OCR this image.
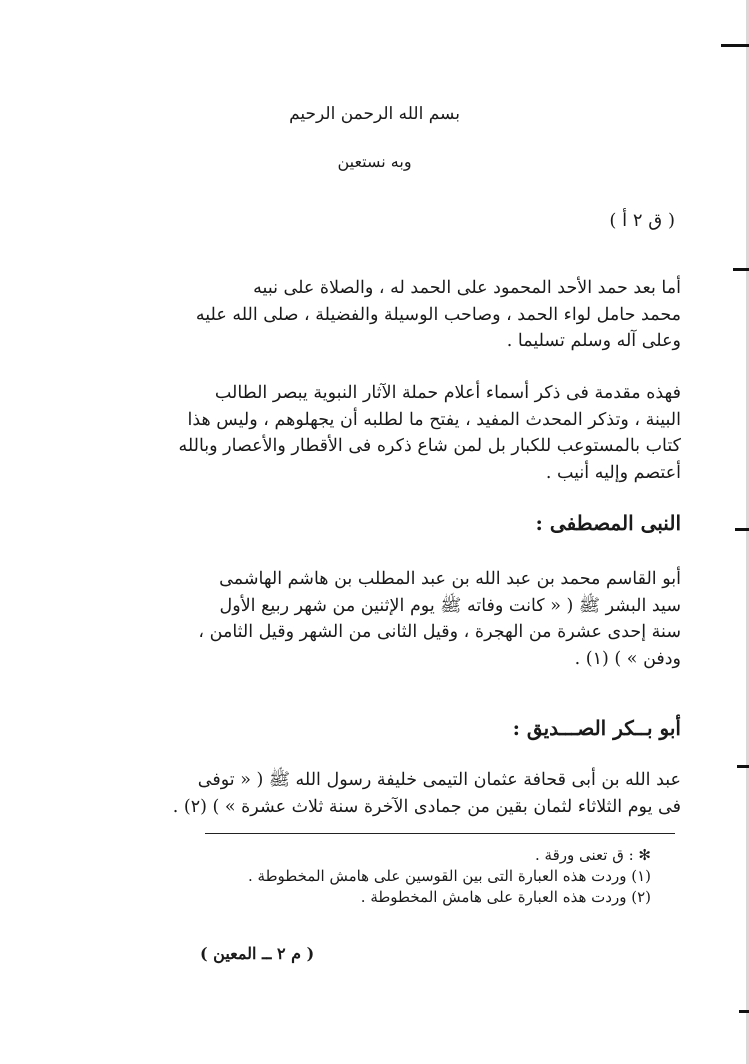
بسم الله الرحمن الرحيم
وبه نستعين
( ق ٢ أ )
أما بعد حمد الأحد المحمود على الحمد له ، والصلاة على نبيه
محمد حامل لواء الحمد ، وصاحب الوسيلة والفضيلة ، صلى الله عليه
وعلى آله وسلم تسليما .
فهذه مقدمة فى ذكر أسماء أعلام حملة الآثار النبوية يبصر الطالب
البينة ، وتذكر المحدث المفيد ، يفتح ما لطلبه أن يجهلوهم ، وليس هذا
كتاب بالمستوعب للكبار بل لمن شاع ذكره فى الأقطار والأعصار وبالله
أعتصم وإليه أنيب .
النبى المصطفى :
أبو القاسم محمد بن عبد الله بن عبد المطلب بن هاشم الهاشمى
سيد البشر ﷺ ( « كانت وفاته ﷺ يوم الإثنين من شهر ربيع الأول
سنة إحدى عشرة من الهجرة ، وقيل الثانى من الشهر وقيل الثامن ،
ودفن » ) (١) .
أبو بــكر الصـــديق :
عبد الله بن أبى قحافة عثمان التيمى خليفة رسول الله ﷺ ( « توفى
فى يوم الثلاثاء لثمان بقين من جمادى الآخرة سنة ثلاث عشرة » ) (٢) .
✻ : ق تعنى ورقة .
(١) وردت هذه العبارة التى بين القوسين على هامش المخطوطة .
(٢) وردت هذه العبارة على هامش المخطوطة .
( م ٢ ــ المعين )
